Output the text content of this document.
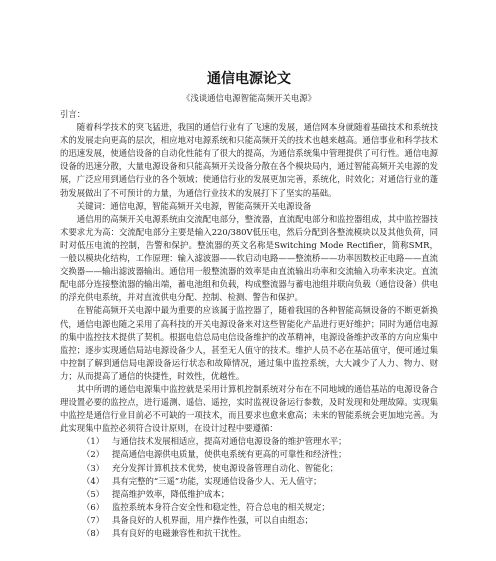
通信电源论文
《浅谈通信电源智能高频开关电源》

引言：

随着科学技术的突飞猛进，我国的通信行业有了飞速的发展，通信网本身就随着基础技术和系统技术的发展走向更高的层次，相应地对电源系统和只能高频开关的技术也越来越高。通信事业和科学技术的迅速发展，使通信设备的自动化性能有了很大的提高，为通信系统集中管理提供了可行性。通信电源设备的迅速分散，大量电源设备和只能高频开关设备分散在各个模块局内，通过智能高频开关电源的发展，广泛应用到通信行业的各个领域；使通信行业的发展更加完善，系统化，时效化；对通信行业的蓬勃发展做出了不可预计的力量，为通信行业技术的发展打下了坚实的基础。

关键词：通信电源，智能高频开关电源，智能高频开关电源设备

通信用的高频开关电源系统由交流配电部分，整流器，直流配电部分和监控器组成，其中监控器技术要求尤为高：交流配电部分主要是输入220/380V低压电，然后分配到各整流模块以及其他负荷，同时对低压电流的控制，告警和保护。整流器的英文名称是Switching Mode Rectifier，简称SMR，一般以模块化结构，工作原理：输入滤波器——软启动电路——整流桥——功率因数校正电路——直流交换器——输出滤波器输出。通信用一般整流器的效率是由直流输出功率和交流输入功率来决定。直流配电部分连接整流器的输出端，蓄电池组和负载，构成整流器与蓄电池组并联向负载（通信设备）供电的浮充供电系统，并对直流供电分配、控制、检测、警告和保护。

在智能高频开关电源中最为重要的应该属于监控器了，随着我国的各种智能高频设备的不断更新换代，通信电源也随之采用了高科技的开关电源设备来对这些智能化产品进行更好维护；同时为通信电源的集中监控技术提供了契机。根据电信总局电信设备维护的改革精神，电源设备维护改革的方向应集中监控；逐步实现通信局站电源设备少人，甚至无人值守的技术。维护人员不必在基站值守，便可通过集中控制了解到通信局电源设备运行状态和故障情况，通过集中监控系统，大大减少了人力、物力、财力；从而提高了通信的快捷性，时效性，优越性。

其中所谓的通信电源集中监控就是采用计算机控制系统对分布在不同地域的通信基站的电源设备合理设置必要的监控点，进行遥测、遥信、遥控，实时监视设备运行参数，及时发现和处理故障。实现集中监控是通信行业目前必不可缺的一项技术，而且要求也愈来愈高；未来的智能系统会更加地完善。为此实现集中监控必须符合设计原则，在设计过程中要遵循：

（1） 与通信技术发展相适应，提高对通信电源设备的维护管理水平；
（2） 提高通信电源供电质量，使供电系统有更高的可靠性和经济性；
（3） 充分发挥计算机技术优势，使电源设备管理自动化、智能化；
（4） 具有完整的“三遥”功能，实现通信设备少人、无人值守；
（5） 提高维护效率，降低维护成本；
（6） 监控系统本身符合安全性和稳定性，符合总电的相关规定；
（7） 具备良好的人机界面，用户操作性强，可以自由组态；
（8） 具有良好的电磁兼容性和抗干扰性。
